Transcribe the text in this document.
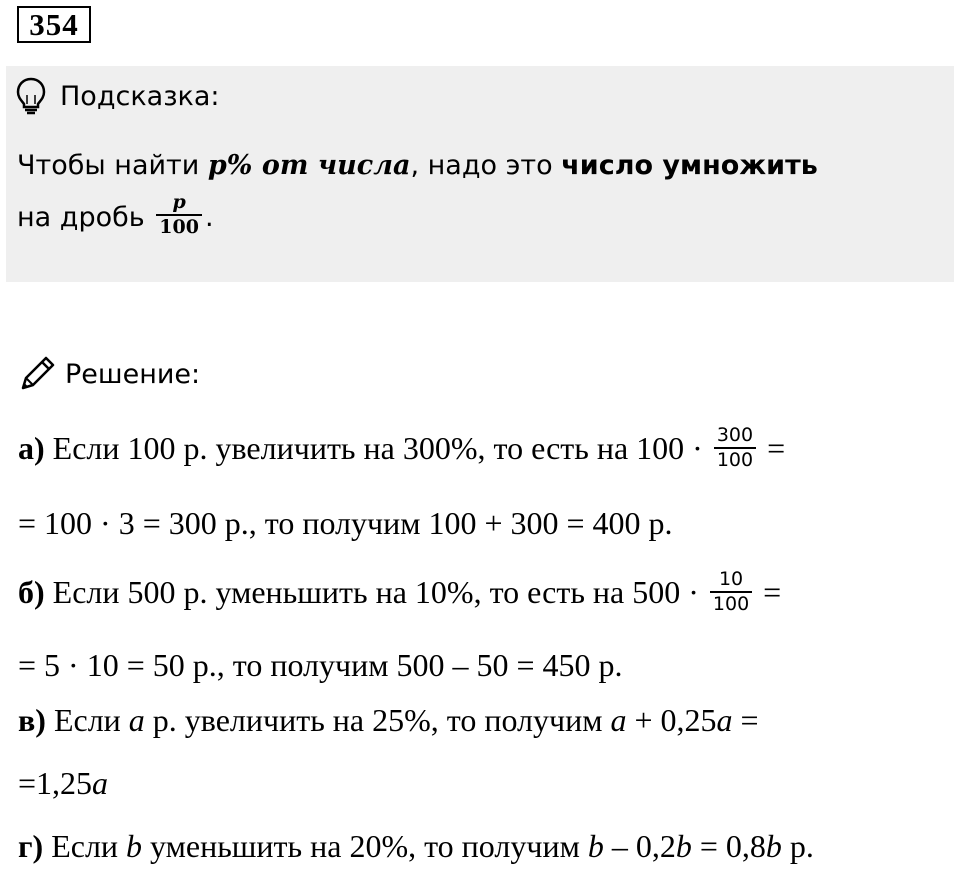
354
Подсказка:
Чтобы найти p% от числа, надо это число умножить
на дробь $\frac{p}{100}$ .
Решение:
а) Если 100 р. увеличить на 300%, то есть на $100 \cdot \frac{300}{100}$ =
= 100 · 3 = 300 р., то получим 100 + 300 = 400 р.
б) Если 500 р. уменьшить на 10%, то есть на $500 \cdot \frac{10}{100}$ =
= 5 · 10 = 50 р., то получим 500 – 50 = 450 р.
в) Если a р. увеличить на 25%, то получим a + 0,25a =
=1,25a
г) Если b уменьшить на 20%, то получим b – 0,2b = 0,8b р.
